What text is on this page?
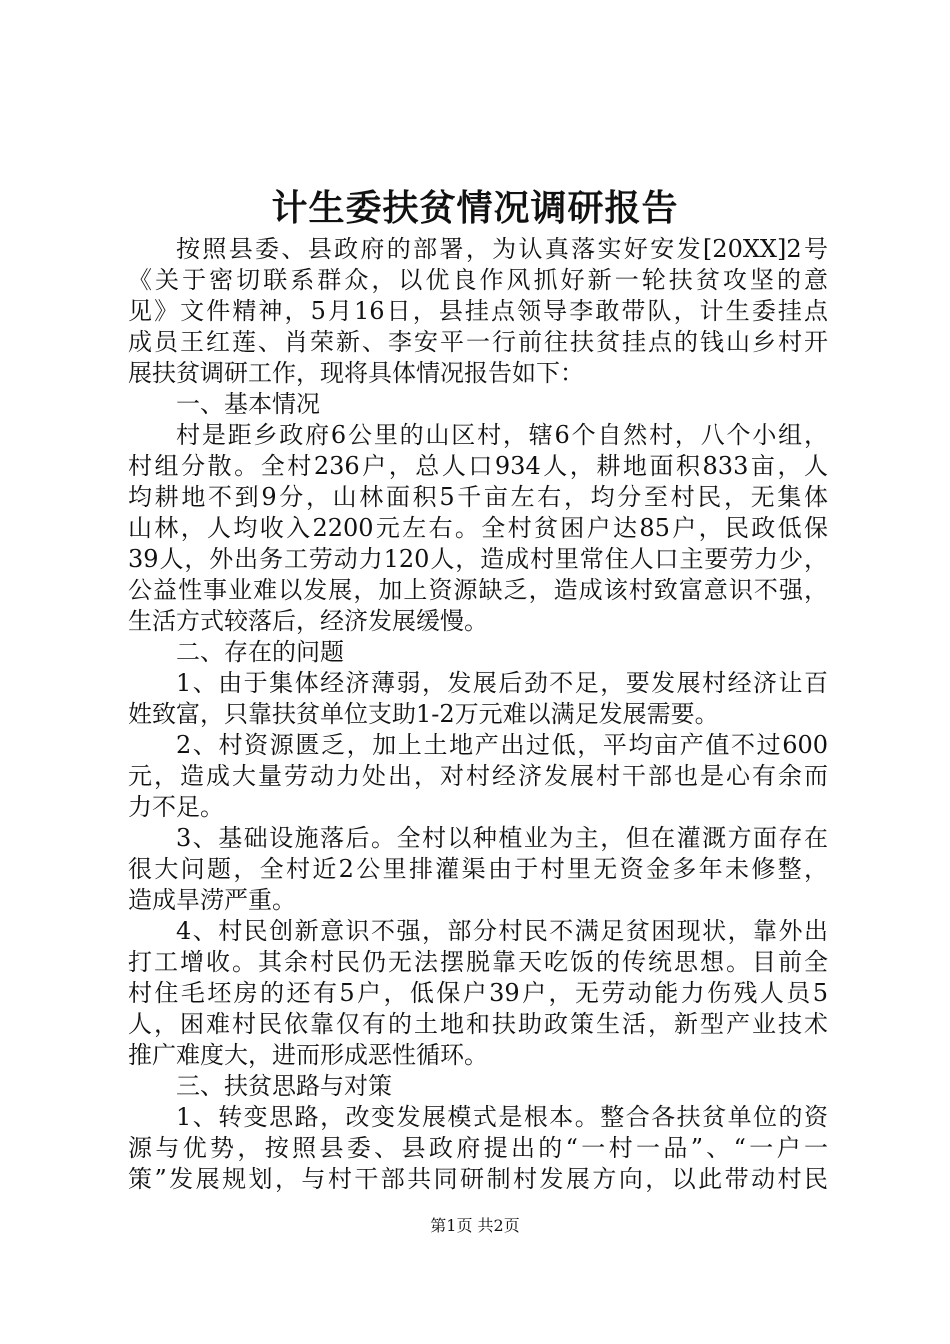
计生委扶贫情况调研报告
按照县委、县政府的部署，为认真落实好安发[20XX]2号
《关于密切联系群众，以优良作风抓好新一轮扶贫攻坚的意
见》文件精神，5月16日，县挂点领导李敢带队，计生委挂点
成员王红莲、肖荣新、李安平一行前往扶贫挂点的钱山乡村开
展扶贫调研工作，现将具体情况报告如下：
一、基本情况
村是距乡政府6公里的山区村，辖6个自然村，八个小组，
村组分散。全村236户，总人口934人，耕地面积833亩，人
均耕地不到9分，山林面积5千亩左右，均分至村民，无集体
山林，人均收入2200元左右。全村贫困户达85户，民政低保
39人，外出务工劳动力120人，造成村里常住人口主要劳力少，
公益性事业难以发展，加上资源缺乏，造成该村致富意识不强，
生活方式较落后，经济发展缓慢。
二、存在的问题
1、由于集体经济薄弱，发展后劲不足，要发展村经济让百
姓致富，只靠扶贫单位支助1-2万元难以满足发展需要。
2、村资源匮乏，加上土地产出过低，平均亩产值不过600
元，造成大量劳动力处出，对村经济发展村干部也是心有余而
力不足。
3、基础设施落后。全村以种植业为主，但在灌溉方面存在
很大问题，全村近2公里排灌渠由于村里无资金多年未修整，
造成旱涝严重。
4、村民创新意识不强，部分村民不满足贫困现状，靠外出
打工增收。其余村民仍无法摆脱靠天吃饭的传统思想。目前全
村住毛坯房的还有5户，低保户39户，无劳动能力伤残人员5
人，困难村民依靠仅有的土地和扶助政策生活，新型产业技术
推广难度大，进而形成恶性循环。
三、扶贫思路与对策
1、转变思路，改变发展模式是根本。整合各扶贫单位的资
源与优势，按照县委、县政府提出的“一村一品”、“一户一
策”发展规划，与村干部共同研制村发展方向，以此带动村民
第1页 共2页
